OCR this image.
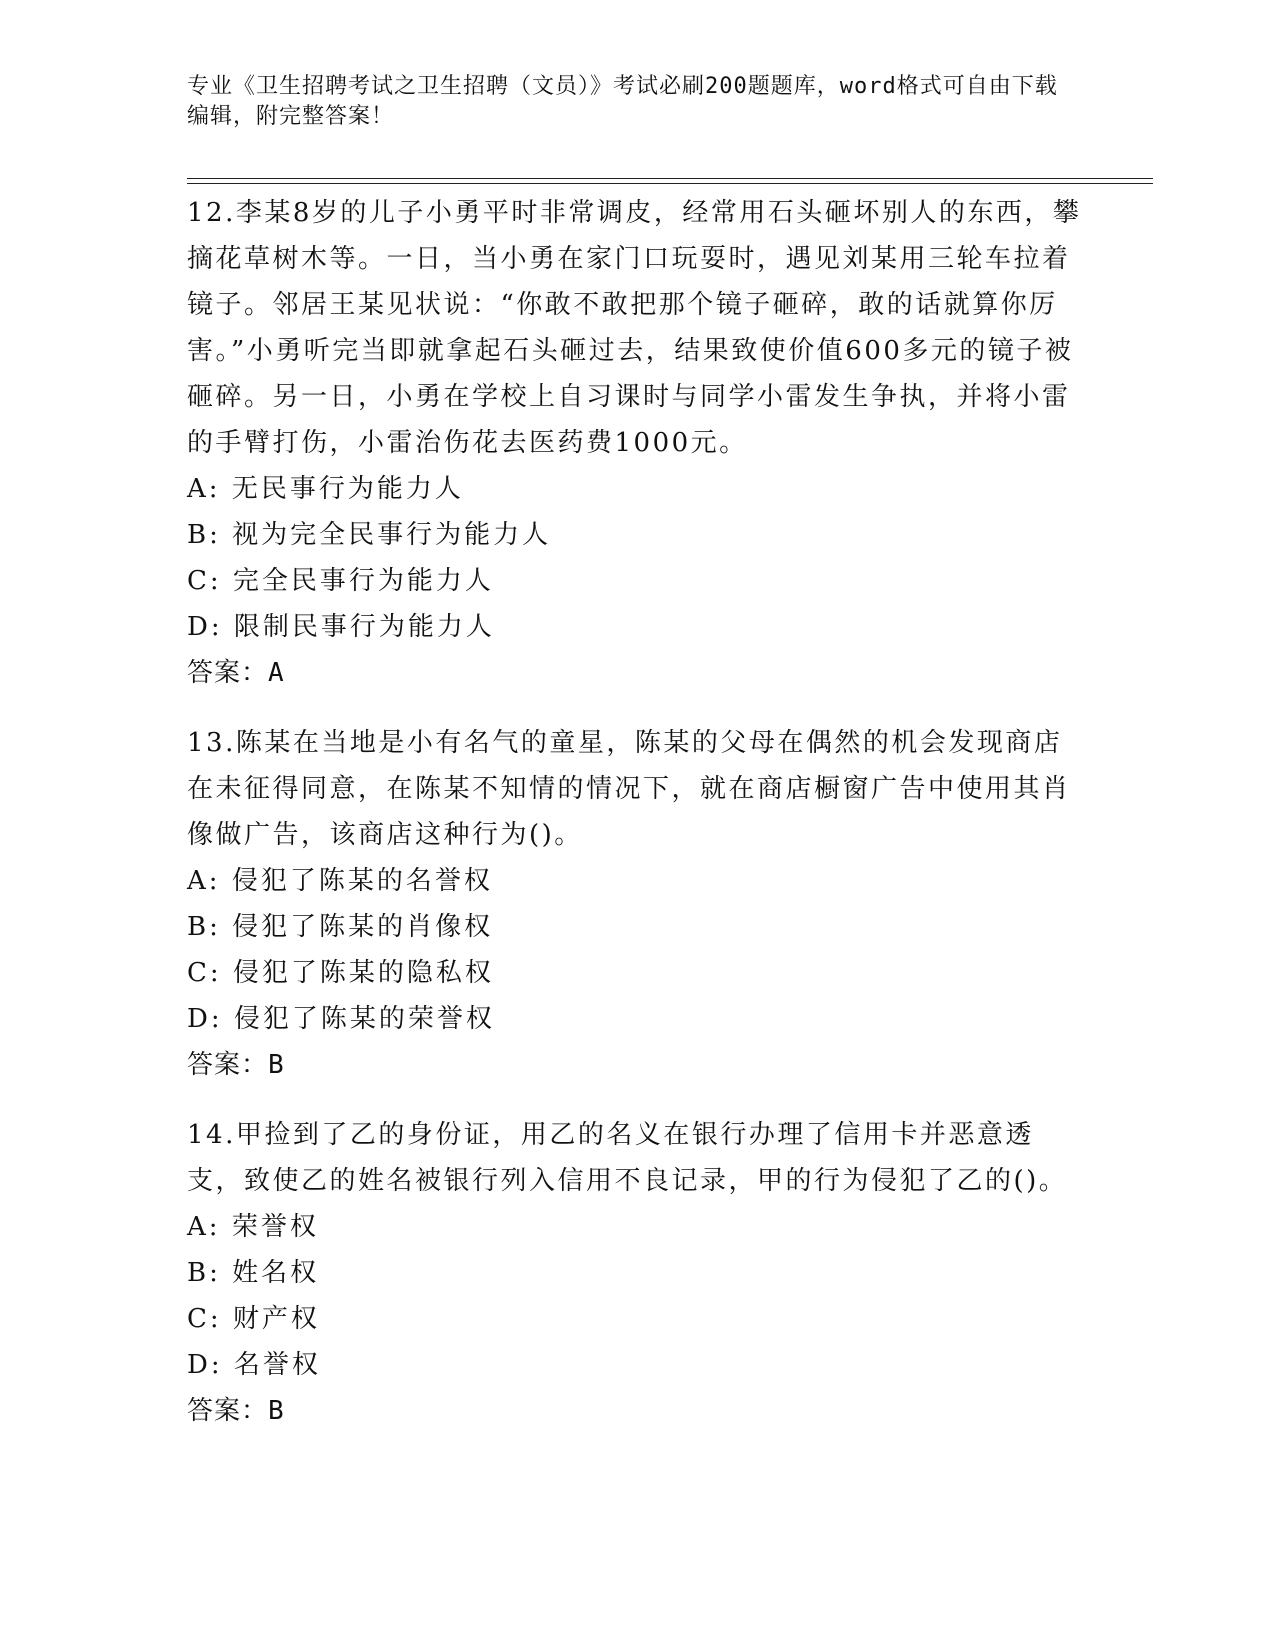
专业《卫生招聘考试之卫生招聘（文员）》考试必刷200题题库，word格式可自由下载编辑，附完整答案！
12.李某8岁的儿子小勇平时非常调皮，经常用石头砸坏别人的东西，攀摘花草树木等。一日，当小勇在家门口玩耍时，遇见刘某用三轮车拉着镜子。邻居王某见状说：“你敢不敢把那个镜子砸碎，敢的话就算你厉害。”小勇听完当即就拿起石头砸过去，结果致使价值600多元的镜子被砸碎。另一日，小勇在学校上自习课时与同学小雷发生争执，并将小雷的手臂打伤，小雷治伤花去医药费1000元。
A: 无民事行为能力人
B: 视为完全民事行为能力人
C: 完全民事行为能力人
D: 限制民事行为能力人
答案：A
13.陈某在当地是小有名气的童星，陈某的父母在偶然的机会发现商店在未征得同意，在陈某不知情的情况下，就在商店橱窗广告中使用其肖像做广告，该商店这种行为()。
A: 侵犯了陈某的名誉权
B: 侵犯了陈某的肖像权
C: 侵犯了陈某的隐私权
D: 侵犯了陈某的荣誉权
答案：B
14.甲捡到了乙的身份证，用乙的名义在银行办理了信用卡并恶意透支，致使乙的姓名被银行列入信用不良记录，甲的行为侵犯了乙的()。
A: 荣誉权
B: 姓名权
C: 财产权
D: 名誉权
答案：B
